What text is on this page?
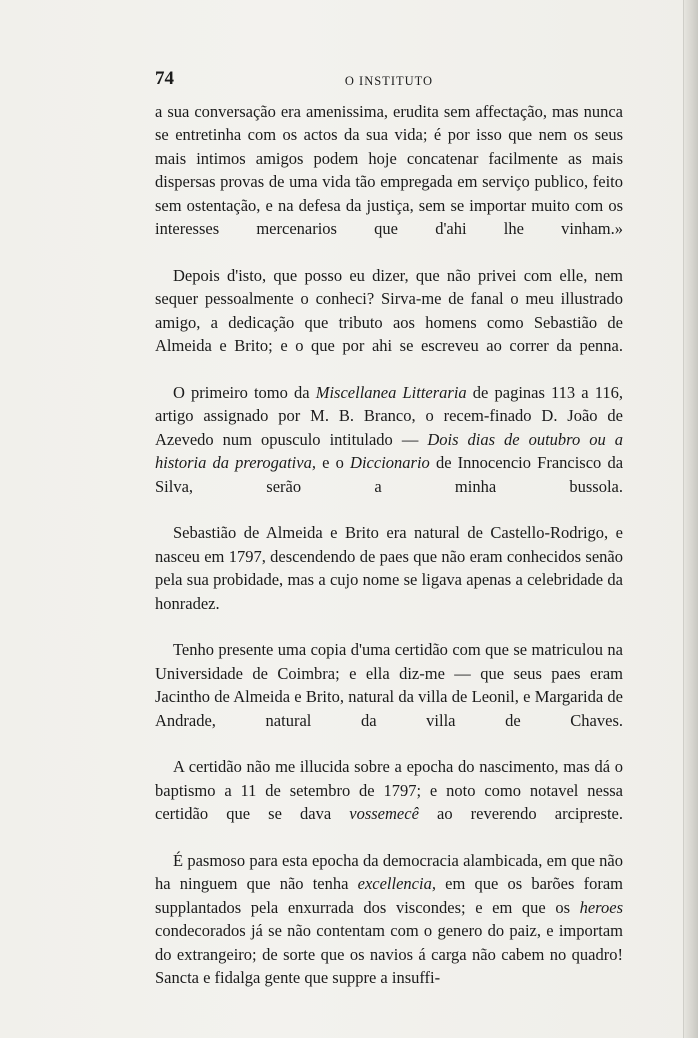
74	O INSTITUTO

a sua conversação era amenissima, erudita sem affectação, mas nunca se entretinha com os actos da sua vida; é por isso que nem os seus mais intimos amigos podem hoje concatenar facilmente as mais dispersas provas de uma vida tão empregada em serviço publico, feito sem ostentação, e na defesa da justiça, sem se importar muito com os interesses mercenarios que d'ahi lhe vinham.»

Depois d'isto, que posso eu dizer, que não privei com elle, nem sequer pessoalmente o conheci? Sirva-me de fanal o meu illustrado amigo, a dedicação que tributo aos homens como Sebastião de Almeida e Brito; e o que por ahi se escreveu ao correr da penna.

O primeiro tomo da Miscellanea Litteraria de paginas 113 a 116, artigo assignado por M. B. Branco, o recem-finado D. João de Azevedo num opusculo intitulado — Dois dias de outubro ou a historia da prerogativa, e o Diccionario de Innocencio Francisco da Silva, serão a minha bussola.

Sebastião de Almeida e Brito era natural de Castello-Rodrigo, e nasceu em 1797, descendendo de paes que não eram conhecidos senão pela sua probidade, mas a cujo nome se ligava apenas a celebridade da honradez.

Tenho presente uma copia d'uma certidão com que se matriculou na Universidade de Coimbra; e ella diz-me — que seus paes eram Jacintho de Almeida e Brito, natural da villa de Leonil, e Margarida de Andrade, natural da villa de Chaves.

A certidão não me illucida sobre a epocha do nascimento, mas dá o baptismo a 11 de setembro de 1797; e noto como notavel nessa certidão que se dava vossemecê ao reverendo arcipreste.

É pasmoso para esta epocha da democracia alambicada, em que não ha ninguem que não tenha excellencia, em que os barões foram supplantados pela enxurrada dos viscondes; e em que os heroes condecorados já se não contentam com o genero do paiz, e importam do extrangeiro; de sorte que os navios á carga não cabem no quadro! Sancta e fidalga gente que suppre a insuffi-
